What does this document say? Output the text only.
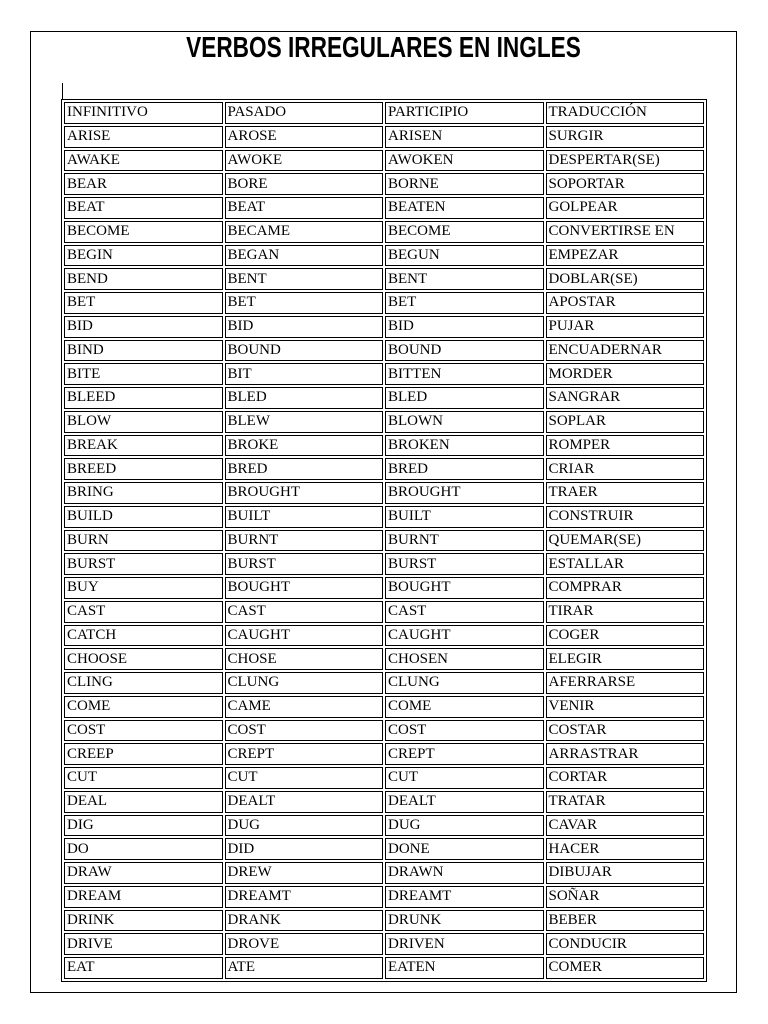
VERBOS IRREGULARES EN INGLES
INFINITIVO	PASADO	PARTICIPIO	TRADUCCIÓN
ARISE	AROSE	ARISEN	SURGIR
AWAKE	AWOKE	AWOKEN	DESPERTAR(SE)
BEAR	BORE	BORNE	SOPORTAR
BEAT	BEAT	BEATEN	GOLPEAR
BECOME	BECAME	BECOME	CONVERTIRSE EN
BEGIN	BEGAN	BEGUN	EMPEZAR
BEND	BENT	BENT	DOBLAR(SE)
BET	BET	BET	APOSTAR
BID	BID	BID	PUJAR
BIND	BOUND	BOUND	ENCUADERNAR
BITE	BIT	BITTEN	MORDER
BLEED	BLED	BLED	SANGRAR
BLOW	BLEW	BLOWN	SOPLAR
BREAK	BROKE	BROKEN	ROMPER
BREED	BRED	BRED	CRIAR
BRING	BROUGHT	BROUGHT	TRAER
BUILD	BUILT	BUILT	CONSTRUIR
BURN	BURNT	BURNT	QUEMAR(SE)
BURST	BURST	BURST	ESTALLAR
BUY	BOUGHT	BOUGHT	COMPRAR
CAST	CAST	CAST	TIRAR
CATCH	CAUGHT	CAUGHT	COGER
CHOOSE	CHOSE	CHOSEN	ELEGIR
CLING	CLUNG	CLUNG	AFERRARSE
COME	CAME	COME	VENIR
COST	COST	COST	COSTAR
CREEP	CREPT	CREPT	ARRASTRAR
CUT	CUT	CUT	CORTAR
DEAL	DEALT	DEALT	TRATAR
DIG	DUG	DUG	CAVAR
DO	DID	DONE	HACER
DRAW	DREW	DRAWN	DIBUJAR
DREAM	DREAMT	DREAMT	SOÑAR
DRINK	DRANK	DRUNK	BEBER
DRIVE	DROVE	DRIVEN	CONDUCIR
EAT	ATE	EATEN	COMER
